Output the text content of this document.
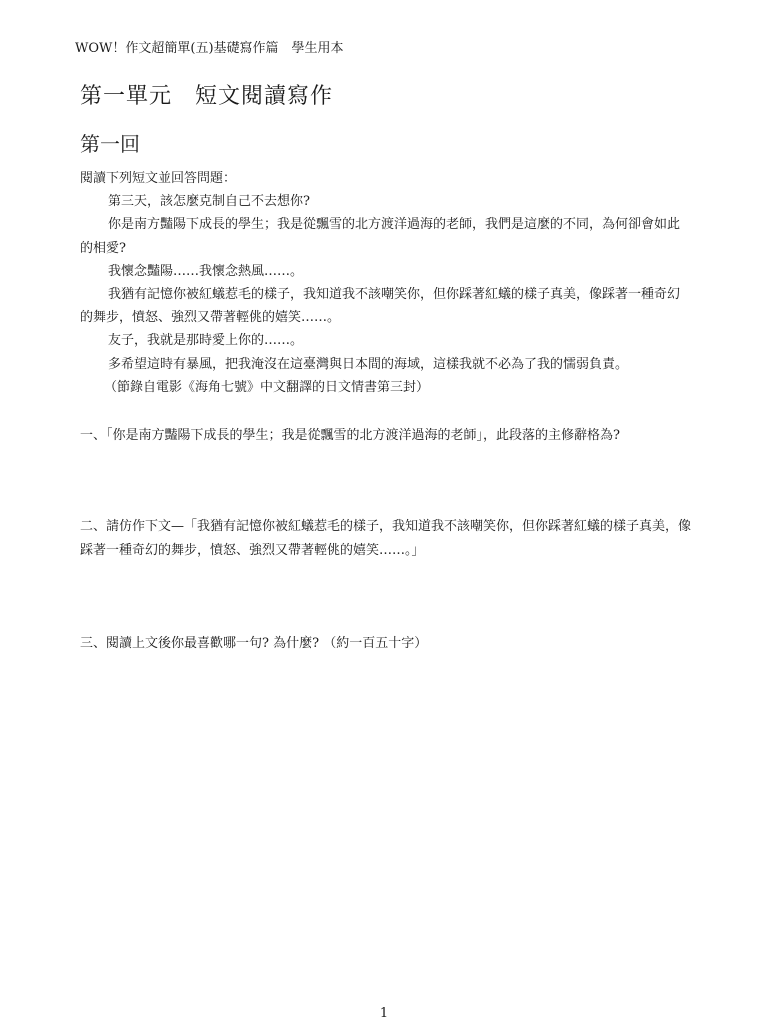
WOW！作文超簡單(五)基礎寫作篇　學生用本
第一單元　短文閱讀寫作
第一回

閱讀下列短文並回答問題：

第三天，該怎麼克制自己不去想你?

你是南方豔陽下成長的學生；我是從飄雪的北方渡洋過海的老師，我們是這麼的不同，為何卻會如此的相愛?

我懷念豔陽……我懷念熱風……。

我猶有記憶你被紅蟻惹毛的樣子，我知道我不該嘲笑你，但你踩著紅蟻的樣子真美，像踩著一種奇幻的舞步，憤怒、強烈又帶著輕佻的嬉笑……。

友子，我就是那時愛上你的……。

多希望這時有暴風，把我淹沒在這臺灣與日本間的海域，這樣我就不必為了我的懦弱負責。

（節錄自電影《海角七號》中文翻譯的日文情書第三封）

一、「你是南方豔陽下成長的學生；我是從飄雪的北方渡洋過海的老師」，此段落的主修辭格為?
二、請仿作下文—「我猶有記憶你被紅蟻惹毛的樣子，我知道我不該嘲笑你，但你踩著紅蟻的樣子真美，像踩著一種奇幻的舞步，憤怒、強烈又帶著輕佻的嬉笑……。」
三、閱讀上文後你最喜歡哪一句? 為什麼? （約一百五十字）
1
